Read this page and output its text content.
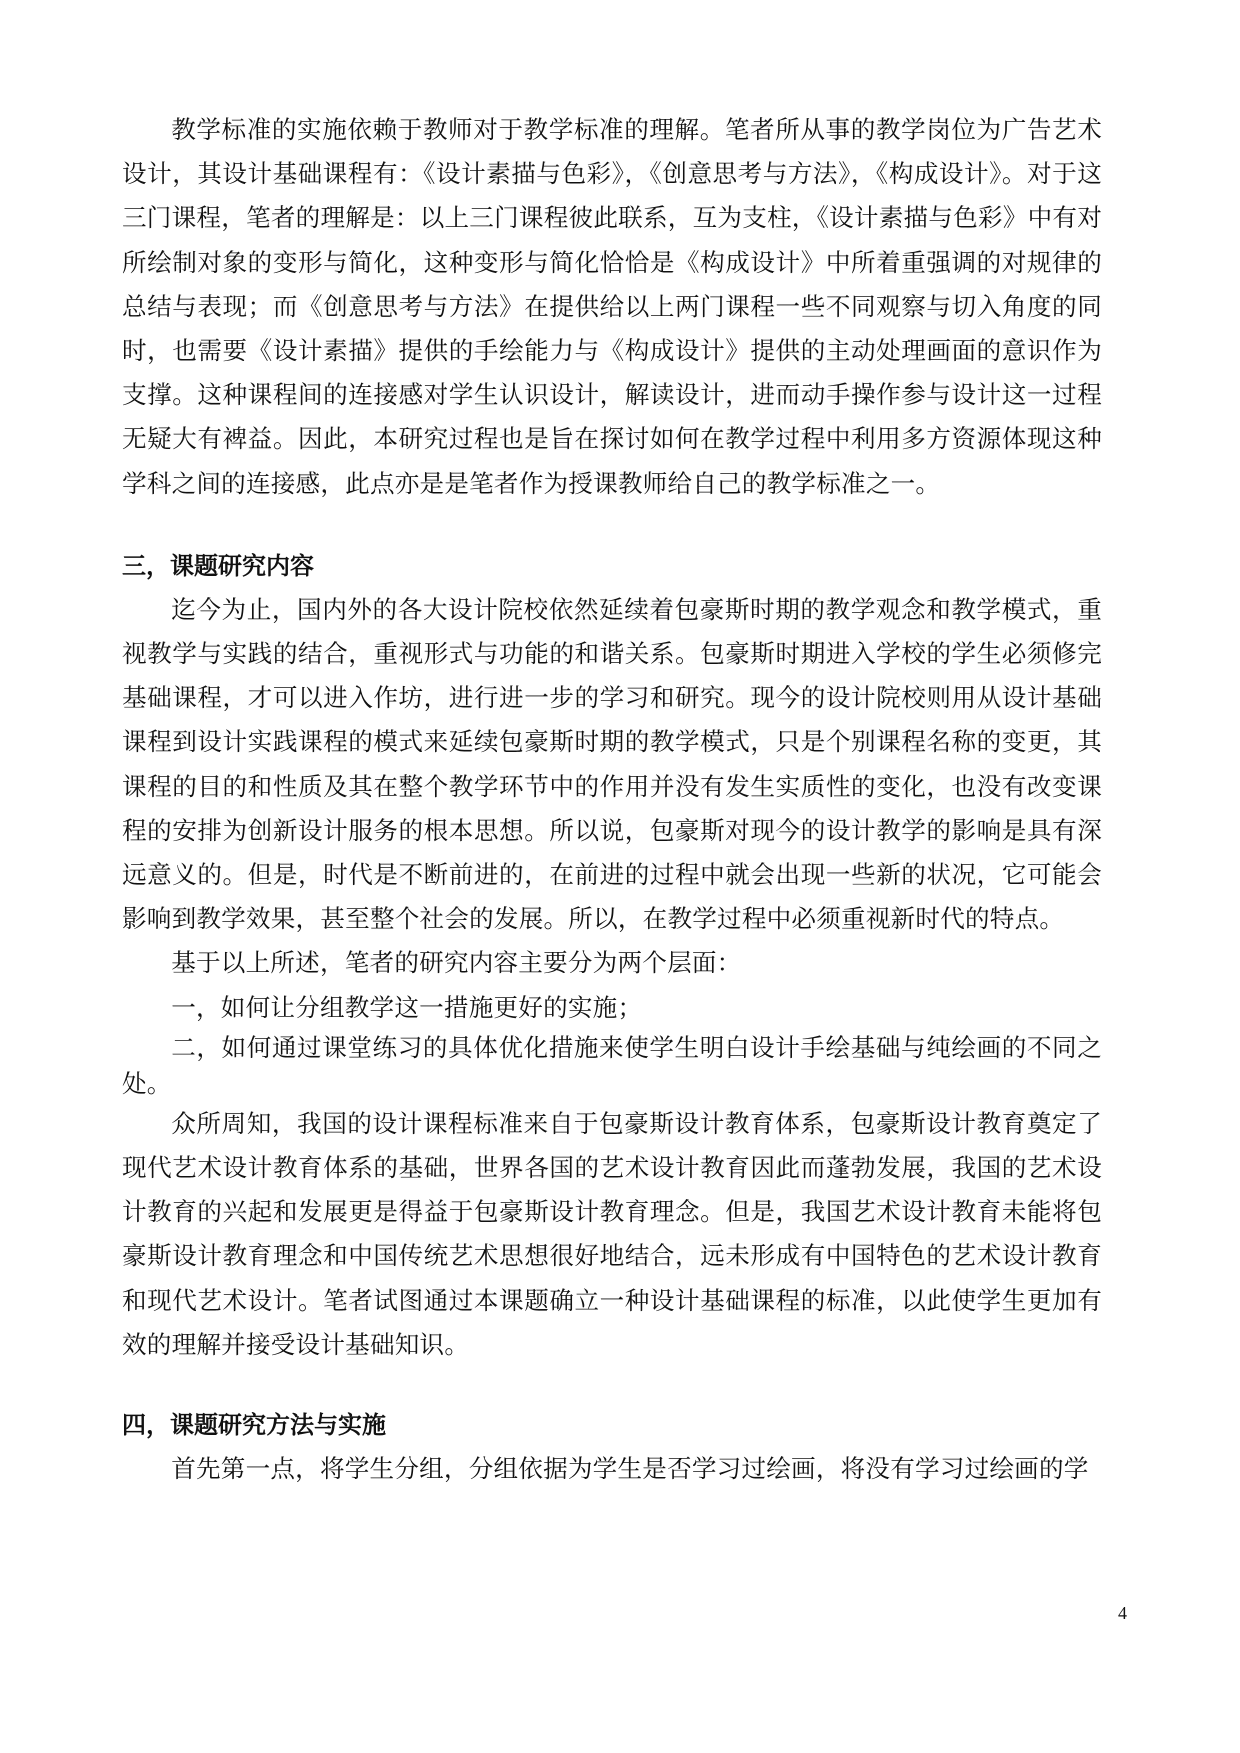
教学标准的实施依赖于教师对于教学标准的理解。笔者所从事的教学岗位为广告艺术设计，其设计基础课程有：《设计素描与色彩》，《创意思考与方法》，《构成设计》。对于这三门课程，笔者的理解是：以上三门课程彼此联系，互为支柱，《设计素描与色彩》中有对所绘制对象的变形与简化，这种变形与简化恰恰是《构成设计》中所着重强调的对规律的总结与表现；而《创意思考与方法》在提供给以上两门课程一些不同观察与切入角度的同时，也需要《设计素描》提供的手绘能力与《构成设计》提供的主动处理画面的意识作为支撑。这种课程间的连接感对学生认识设计，解读设计，进而动手操作参与设计这一过程无疑大有裨益。因此，本研究过程也是旨在探讨如何在教学过程中利用多方资源体现这种学科之间的连接感，此点亦是是笔者作为授课教师给自己的教学标准之一。

三，课题研究内容

迄今为止，国内外的各大设计院校依然延续着包豪斯时期的教学观念和教学模式，重视教学与实践的结合，重视形式与功能的和谐关系。包豪斯时期进入学校的学生必须修完基础课程，才可以进入作坊，进行进一步的学习和研究。现今的设计院校则用从设计基础课程到设计实践课程的模式来延续包豪斯时期的教学模式，只是个别课程名称的变更，其课程的目的和性质及其在整个教学环节中的作用并没有发生实质性的变化，也没有改变课程的安排为创新设计服务的根本思想。所以说，包豪斯对现今的设计教学的影响是具有深远意义的。但是，时代是不断前进的，在前进的过程中就会出现一些新的状况，它可能会影响到教学效果，甚至整个社会的发展。所以，在教学过程中必须重视新时代的特点。

基于以上所述，笔者的研究内容主要分为两个层面：

一，如何让分组教学这一措施更好的实施；

二，如何通过课堂练习的具体优化措施来使学生明白设计手绘基础与纯绘画的不同之处。

众所周知，我国的设计课程标准来自于包豪斯设计教育体系，包豪斯设计教育奠定了现代艺术设计教育体系的基础，世界各国的艺术设计教育因此而蓬勃发展，我国的艺术设计教育的兴起和发展更是得益于包豪斯设计教育理念。但是，我国艺术设计教育未能将包豪斯设计教育理念和中国传统艺术思想很好地结合，远未形成有中国特色的艺术设计教育和现代艺术设计。笔者试图通过本课题确立一种设计基础课程的标准，以此使学生更加有效的理解并接受设计基础知识。

四，课题研究方法与实施

首先第一点，将学生分组，分组依据为学生是否学习过绘画，将没有学习过绘画的学

4
